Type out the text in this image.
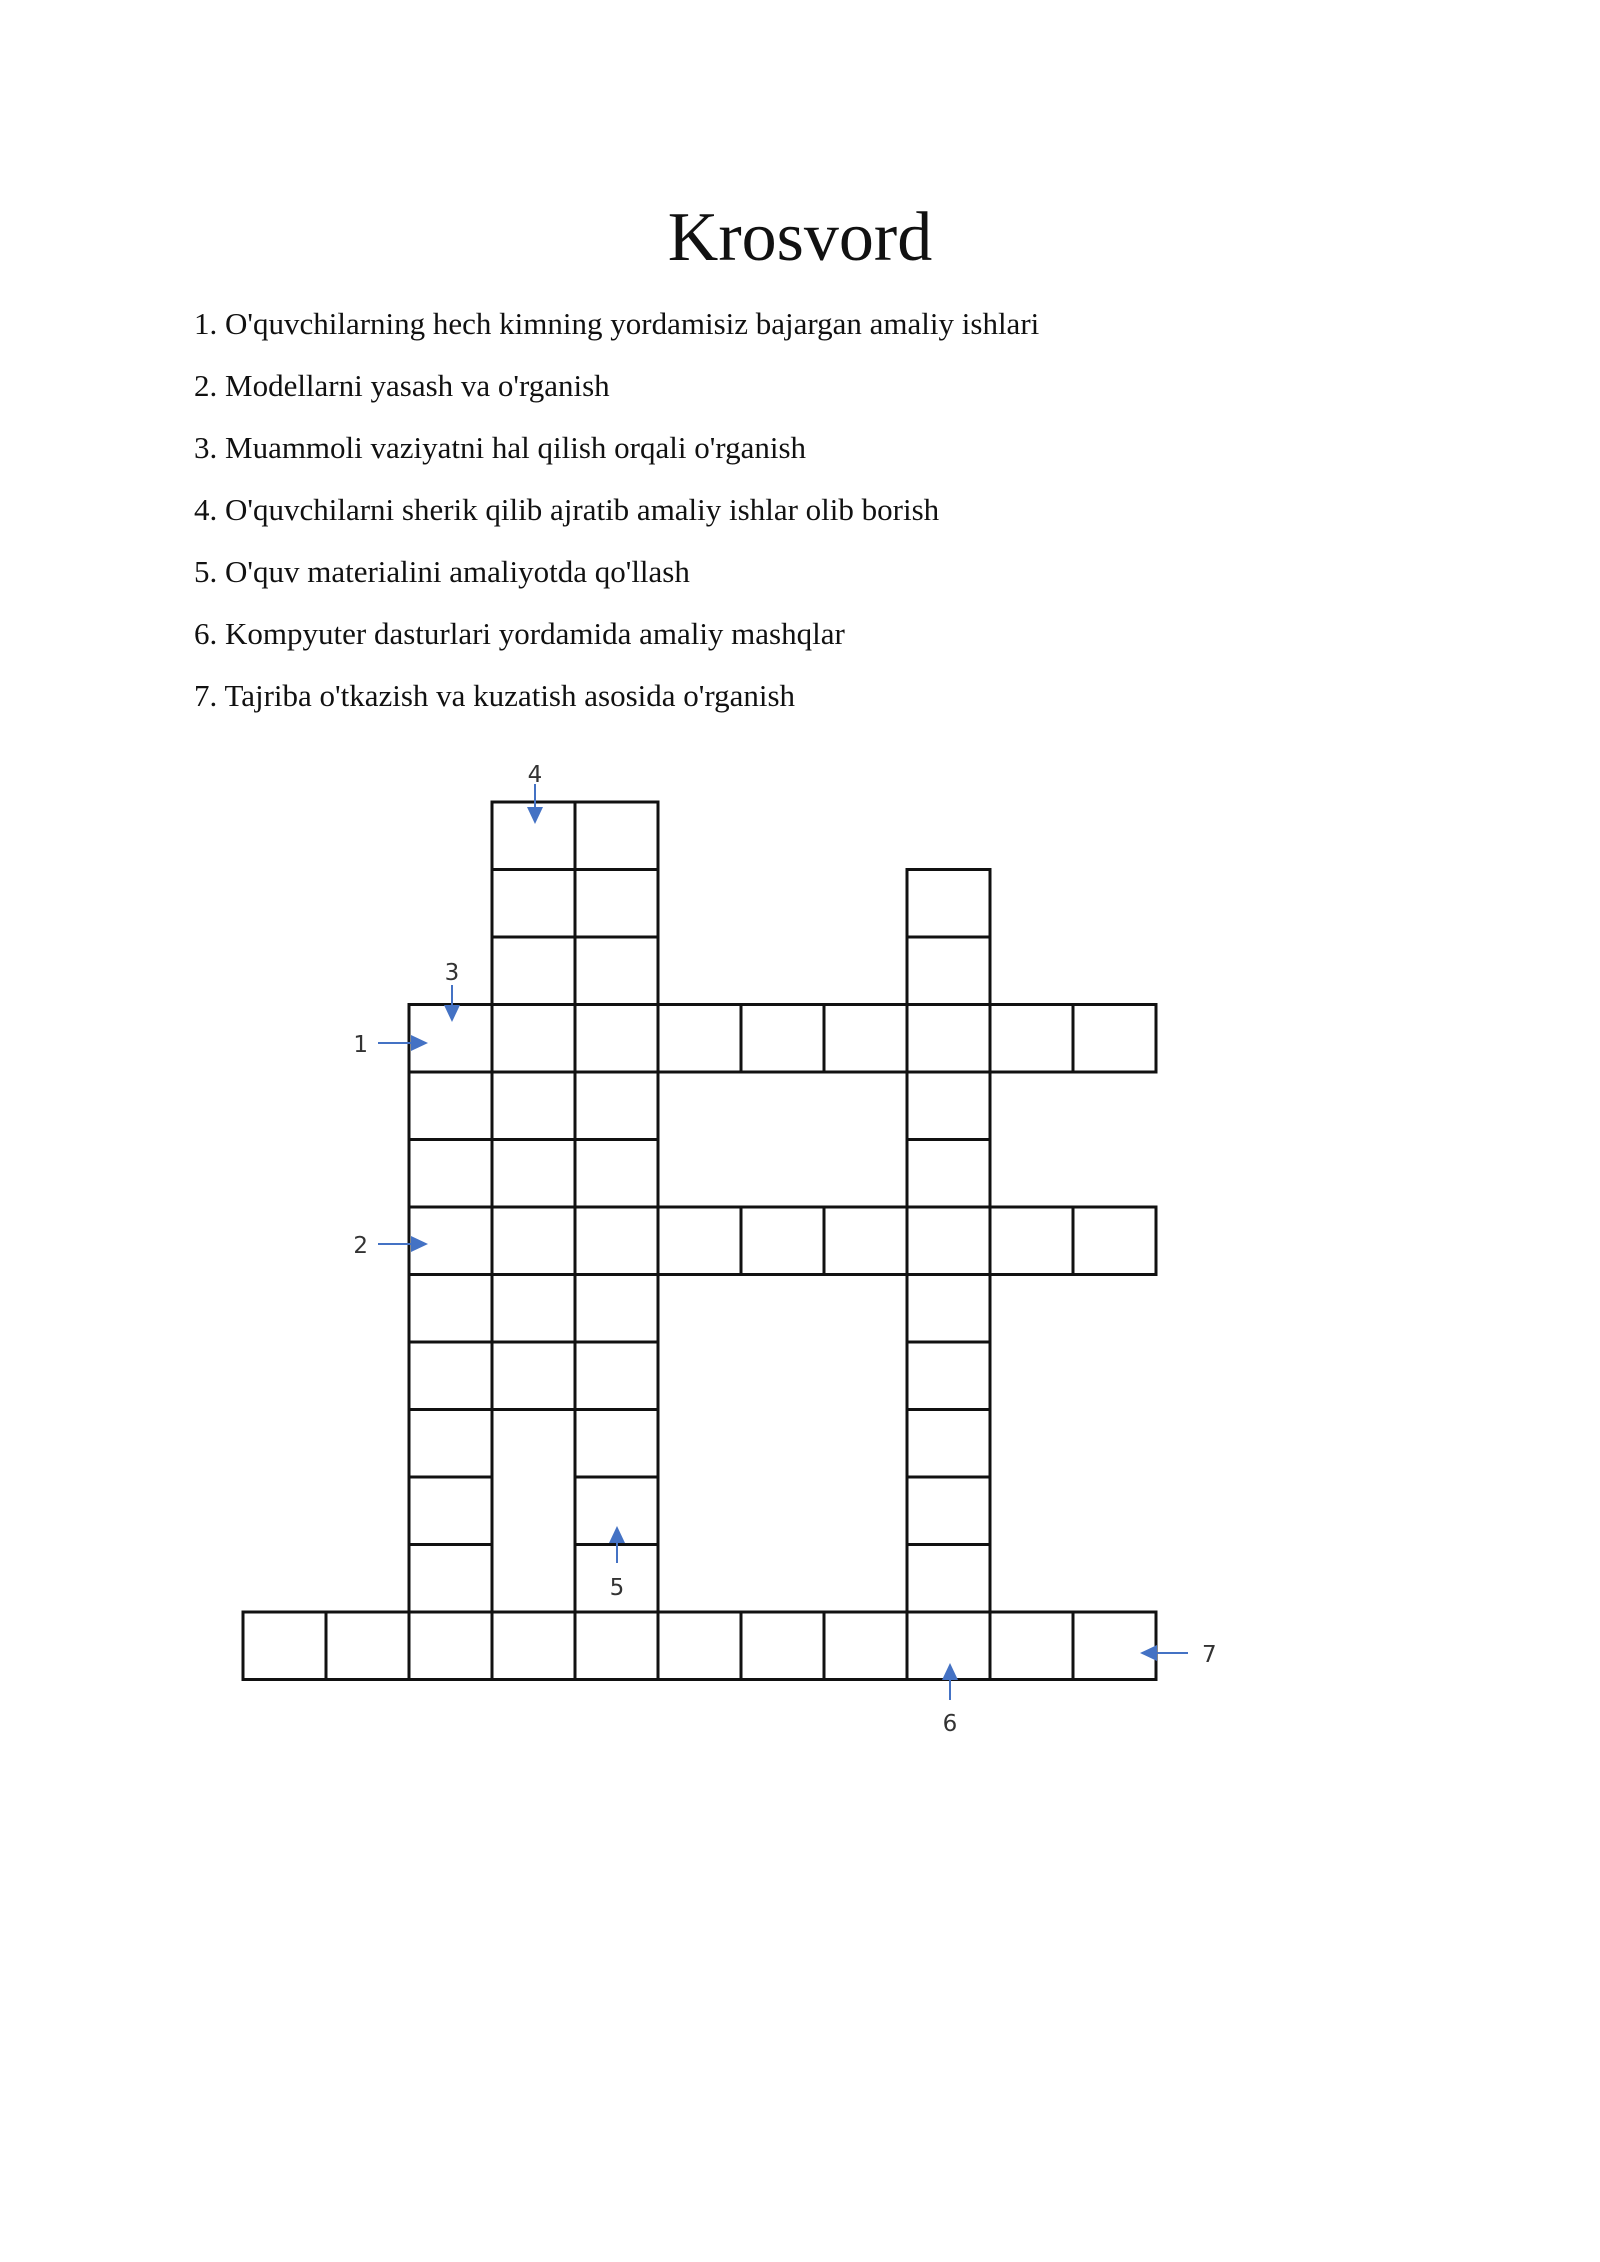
Krosvord
1. O'quvchilarning hech kimning yordamisiz bajargan amaliy ishlari
2. Modellarni yasash va o'rganish
3. Muammoli vaziyatni hal qilish orqali o'rganish
4. O'quvchilarni sherik qilib ajratib amaliy ishlar olib borish
5. O'quv materialini amaliyotda qo'llash
6. Kompyuter dasturlari yordamida amaliy mashqlar
7. Tajriba o'tkazish va kuzatish asosida o'rganish
1
2
3
4
5
6
7
